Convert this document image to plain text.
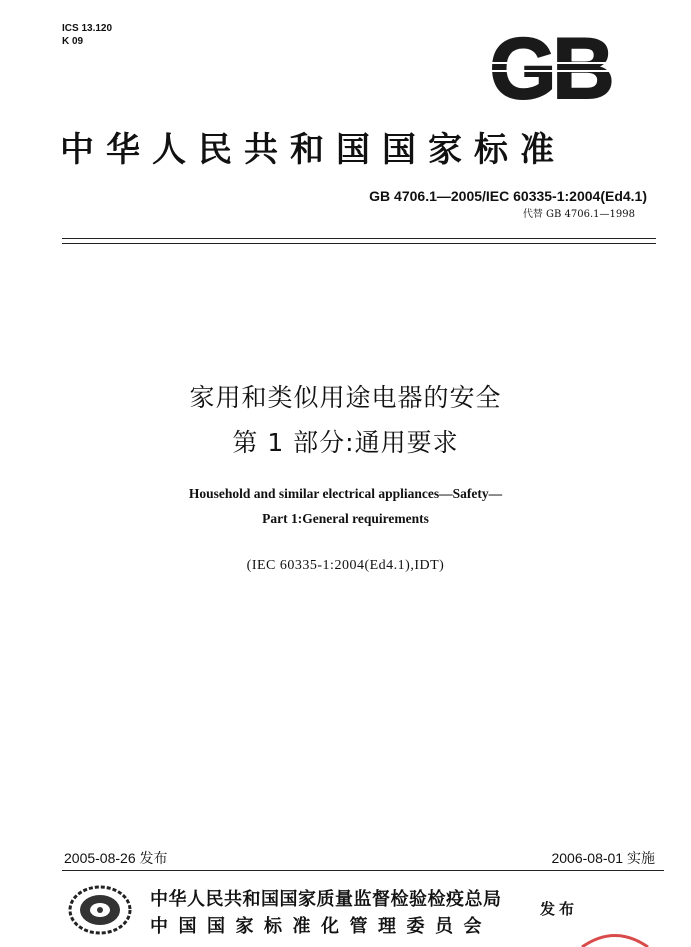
ICS 13.120
K 09	GB
中华人民共和国国家标准
GB 4706.1—2005/IEC 60335-1:2004(Ed4.1)
代替 GB 4706.1—1998
家用和类似用途电器的安全
第 1 部分:通用要求
Household and similar electrical appliances—Safety—
Part 1:General requirements
(IEC 60335-1:2004(Ed4.1),IDT)
2005-08-26 发布	2006-08-01 实施
中华人民共和国国家质量监督检验检疫总局
中国国家标准化管理委员会
发布
